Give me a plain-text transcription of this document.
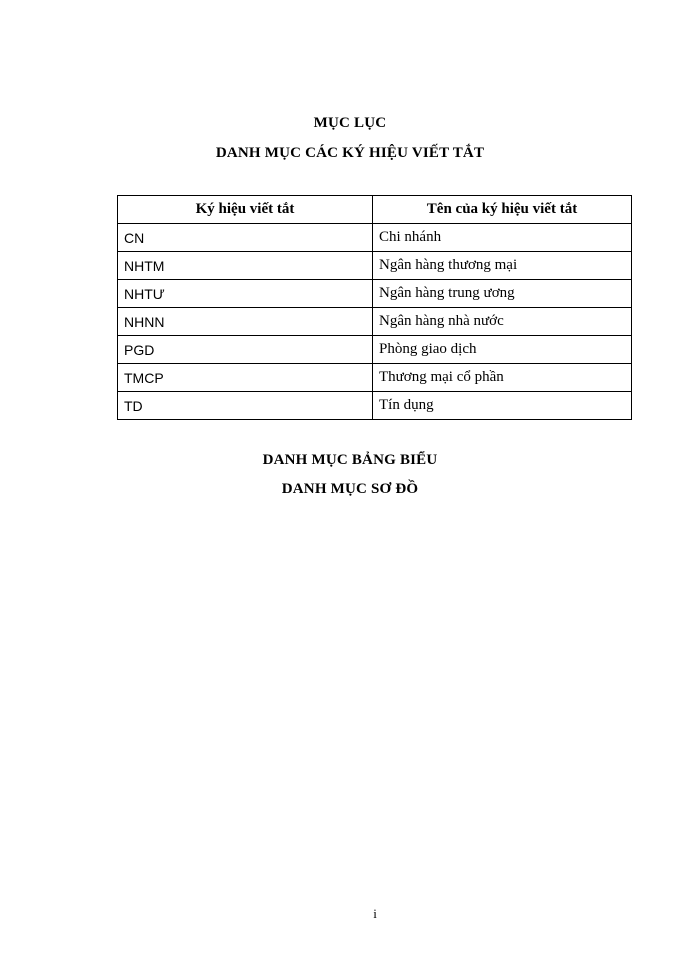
MỤC LỤC
DANH MỤC CÁC KÝ HIỆU VIẾT TẮT
Ký hiệu viết tắt	Tên của ký hiệu viết tắt
CN	Chi nhánh
NHTM	Ngân hàng thương mại
NHTƯ	Ngân hàng trung ương
NHNN	Ngân hàng nhà nước
PGD	Phòng giao dịch
TMCP	Thương mại cổ phần
TD	Tín dụng
DANH MỤC BẢNG BIỂU
DANH MỤC SƠ ĐỒ
i
